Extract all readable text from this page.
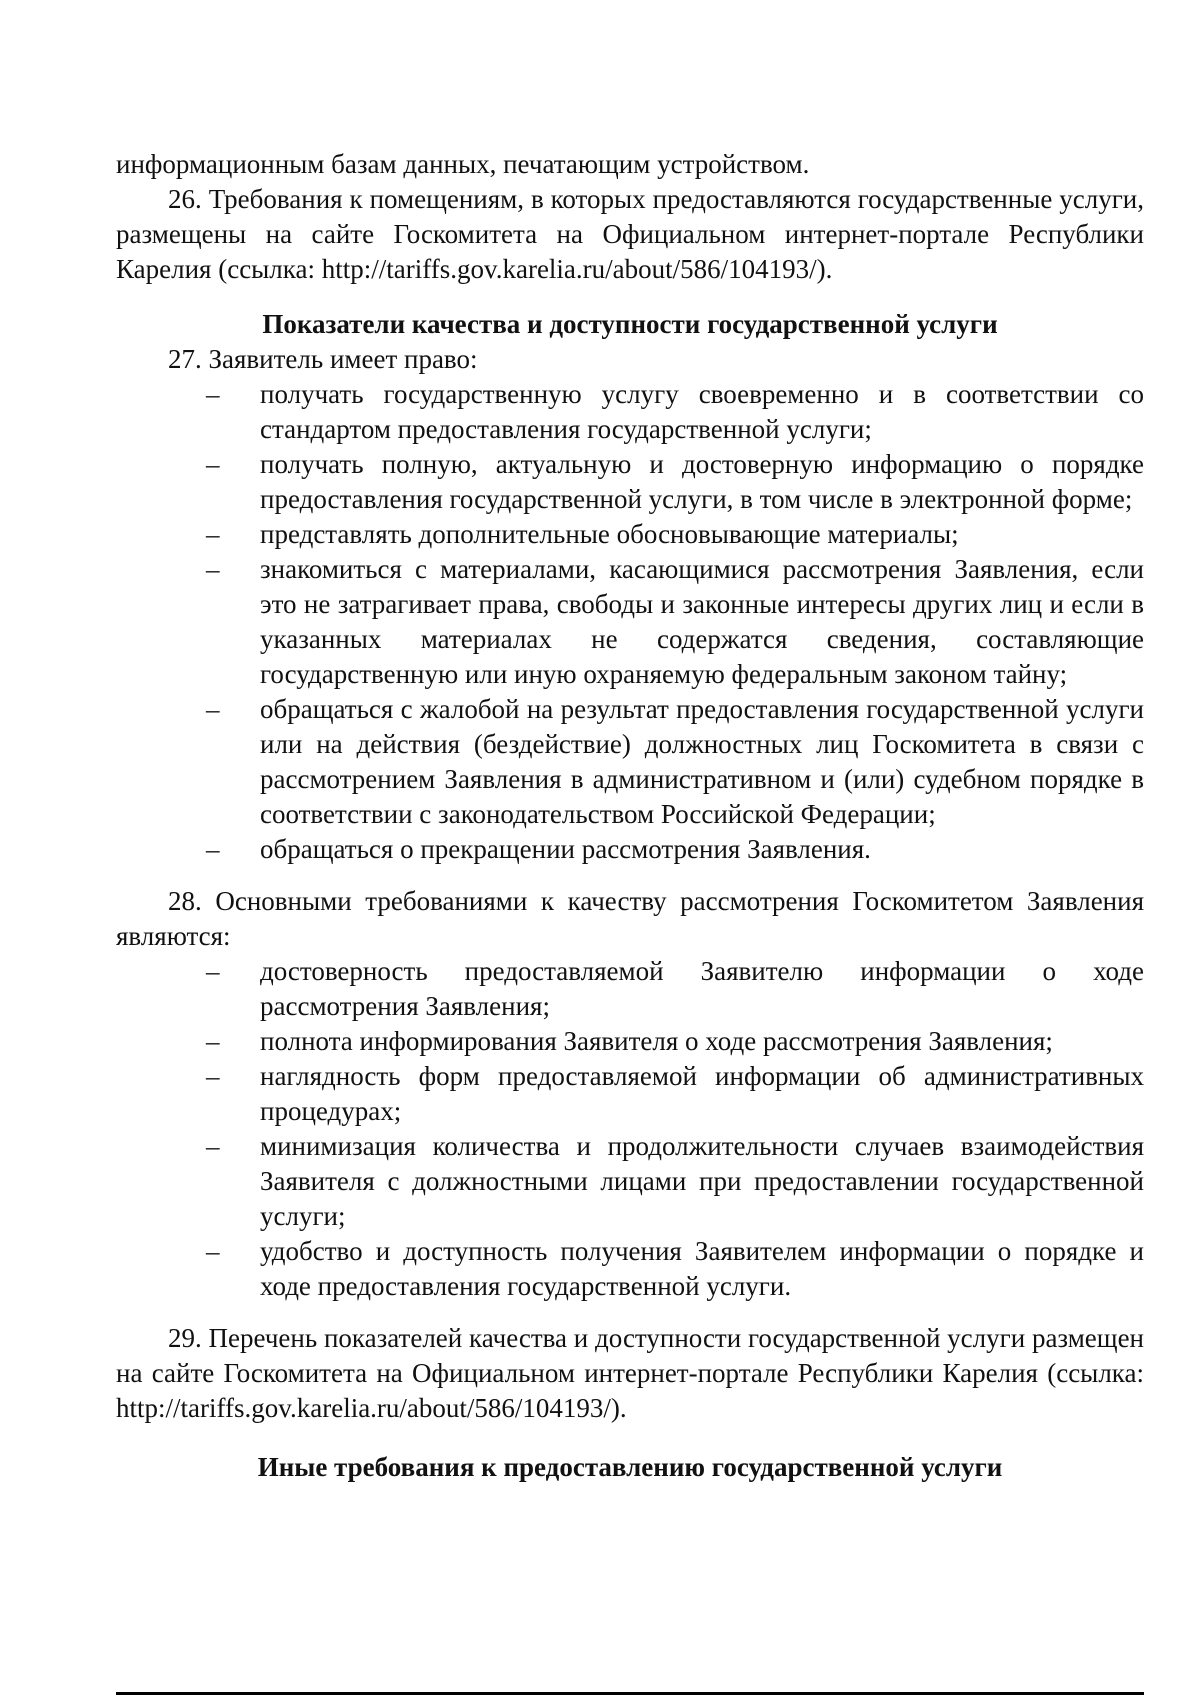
информационным базам данных, печатающим устройством.

26. Требования к помещениям, в которых предоставляются государственные услуги, размещены на сайте Госкомитета на Официальном интернет-портале Республики Карелия (ссылка: http://tariffs.gov.karelia.ru/about/586/104193/).

Показатели качества и доступности государственной услуги

27. Заявитель имеет право:

– получать государственную услугу своевременно и в соответствии со стандартом предоставления государственной услуги;
– получать полную, актуальную и достоверную информацию о порядке предоставления государственной услуги, в том числе в электронной форме;
– представлять дополнительные обосновывающие материалы;
– знакомиться с материалами, касающимися рассмотрения Заявления, если это не затрагивает права, свободы и законные интересы других лиц и если в указанных материалах не содержатся сведения, составляющие государственную или иную охраняемую федеральным законом тайну;
– обращаться с жалобой на результат предоставления государственной услуги или на действия (бездействие) должностных лиц Госкомитета в связи с рассмотрением Заявления в административном и (или) судебном порядке в соответствии с законодательством Российской Федерации;
– обращаться о прекращении рассмотрения Заявления.

28. Основными требованиями к качеству рассмотрения Госкомитетом Заявления являются:

– достоверность предоставляемой Заявителю информации о ходе рассмотрения Заявления;
– полнота информирования Заявителя о ходе рассмотрения Заявления;
– наглядность форм предоставляемой информации об административных процедурах;
– минимизация количества и продолжительности случаев взаимодействия Заявителя с должностными лицами при предоставлении государственной услуги;
– удобство и доступность получения Заявителем информации о порядке и ходе предоставления государственной услуги.

29. Перечень показателей качества и доступности государственной услуги размещен на сайте Госкомитета на Официальном интернет-портале Республики Карелия (ссылка: http://tariffs.gov.karelia.ru/about/586/104193/).

Иные требования к предоставлению государственной услуги
